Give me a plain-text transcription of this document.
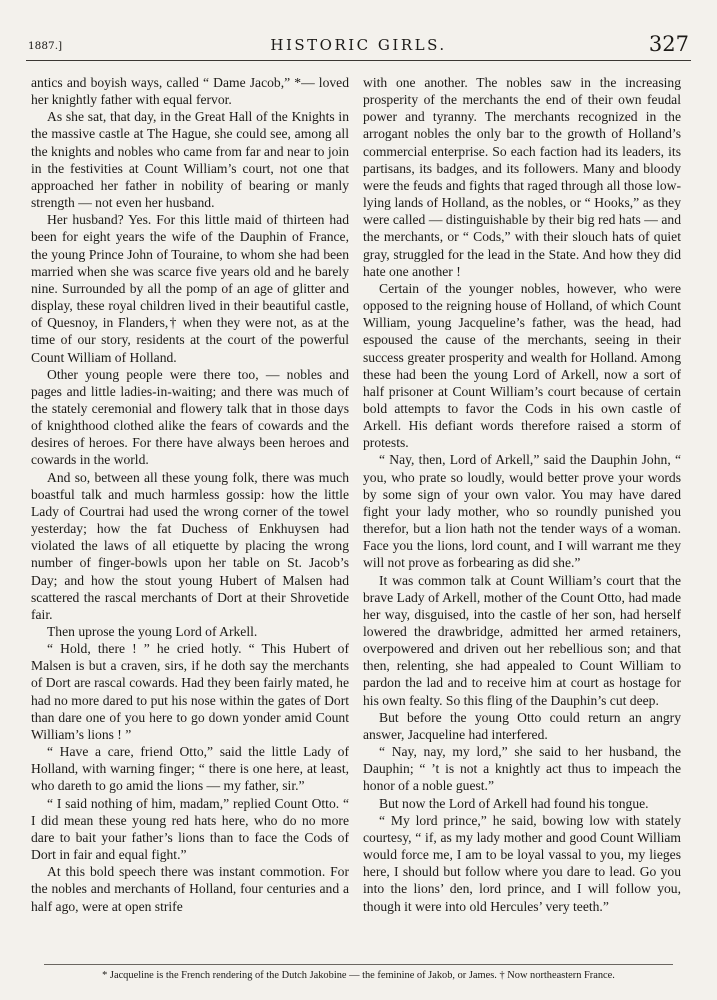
1887.]	HISTORIC GIRLS.	327

antics and boyish ways, called “ Dame Jacob,” *— loved her knightly father with equal fervor.

As she sat, that day, in the Great Hall of the Knights in the massive castle at The Hague, she could see, among all the knights and nobles who came from far and near to join in the festivities at Count William’s court, not one that approached her father in nobility of bearing or manly strength — not even her husband.

Her husband? Yes. For this little maid of thirteen had been for eight years the wife of the Dauphin of France, the young Prince John of Touraine, to whom she had been married when she was scarce five years old and he barely nine. Surrounded by all the pomp of an age of glitter and display, these royal children lived in their beautiful castle, of Quesnoy, in Flanders,† when they were not, as at the time of our story, residents at the court of the powerful Count William of Holland.

Other young people were there too, — nobles and pages and little ladies-in-waiting; and there was much of the stately ceremonial and flowery talk that in those days of knighthood clothed alike the fears of cowards and the desires of heroes. For there have always been heroes and cowards in the world.

And so, between all these young folk, there was much boastful talk and much harmless gossip: how the little Lady of Courtrai had used the wrong corner of the towel yesterday; how the fat Duchess of Enkhuysen had violated the laws of all etiquette by placing the wrong number of finger-bowls upon her table on St. Jacob’s Day; and how the stout young Hubert of Malsen had scattered the rascal merchants of Dort at their Shrovetide fair.

Then uprose the young Lord of Arkell.

“ Hold, there ! ” he cried hotly. “ This Hubert of Malsen is but a craven, sirs, if he doth say the merchants of Dort are rascal cowards. Had they been fairly mated, he had no more dared to put his nose within the gates of Dort than dare one of you here to go down yonder amid Count William’s lions ! ”

“ Have a care, friend Otto,” said the little Lady of Holland, with warning finger; “ there is one here, at least, who dareth to go amid the lions — my father, sir.”

“ I said nothing of him, madam,” replied Count Otto. “ I did mean these young red hats here, who do no more dare to bait your father’s lions than to face the Cods of Dort in fair and equal fight.”

At this bold speech there was instant commotion. For the nobles and merchants of Holland, four centuries and a half ago, were at open strife

with one another. The nobles saw in the increasing prosperity of the merchants the end of their own feudal power and tyranny. The merchants recognized in the arrogant nobles the only bar to the growth of Holland’s commercial enterprise. So each faction had its leaders, its partisans, its badges, and its followers. Many and bloody were the feuds and fights that raged through all those low-lying lands of Holland, as the nobles, or “ Hooks,” as they were called — distinguishable by their big red hats — and the merchants, or “ Cods,” with their slouch hats of quiet gray, struggled for the lead in the State. And how they did hate one another !

Certain of the younger nobles, however, who were opposed to the reigning house of Holland, of which Count William, young Jacqueline’s father, was the head, had espoused the cause of the merchants, seeing in their success greater prosperity and wealth for Holland. Among these had been the young Lord of Arkell, now a sort of half prisoner at Count William’s court because of certain bold attempts to favor the Cods in his own castle of Arkell. His defiant words therefore raised a storm of protests.

“ Nay, then, Lord of Arkell,” said the Dauphin John, “ you, who prate so loudly, would better prove your words by some sign of your own valor. You may have dared fight your lady mother, who so roundly punished you therefor, but a lion hath not the tender ways of a woman. Face you the lions, lord count, and I will warrant me they will not prove as forbearing as did she.”

It was common talk at Count William’s court that the brave Lady of Arkell, mother of the Count Otto, had made her way, disguised, into the castle of her son, had herself lowered the drawbridge, admitted her armed retainers, overpowered and driven out her rebellious son; and that then, relenting, she had appealed to Count William to pardon the lad and to receive him at court as hostage for his own fealty. So this fling of the Dauphin’s cut deep.

But before the young Otto could return an angry answer, Jacqueline had interfered.

“ Nay, nay, my lord,” she said to her husband, the Dauphin; “ ’t is not a knightly act thus to impeach the honor of a noble guest.”

But now the Lord of Arkell had found his tongue.

“ My lord prince,” he said, bowing low with stately courtesy, “ if, as my lady mother and good Count William would force me, I am to be loyal vassal to you, my lieges here, I should but follow where you dare to lead. Go you into the lions’ den, lord prince, and I will follow you, though it were into old Hercules’ very teeth.”

* Jacqueline is the French rendering of the Dutch Jakobine — the feminine of Jakob, or James. † Now northeastern France.
